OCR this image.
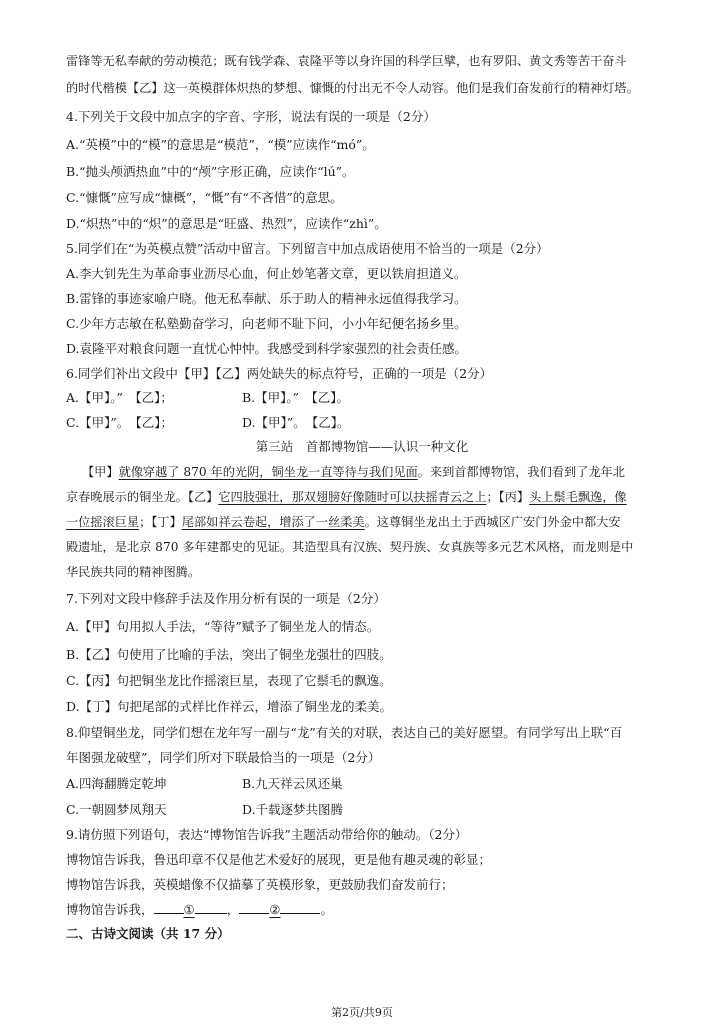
雷锋等无私奉献的劳动模范；既有钱学森、袁隆平等以身许国的科学巨擘，也有罗阳、黄文秀等苦干奋斗
的时代楷模【乙】这一英模群体炽热的梦想、慷慨的付出无不令人动容。他们是我们奋发前行的精神灯塔。
4.下列关于文段中加点字的字音、字形，说法有误的一项是（2分）
A.“英模”中的“模”的意思是“模范”，“模”应读作“mó”。
B.“抛头颅洒热血”中的“颅”字形正确，应读作“lú”。
C.“慷慨”应写成“慷概”，“慨”有“不吝惜”的意思。
D.“炽热”中的“炽”的意思是“旺盛、热烈”，应读作“zhì”。
5.同学们在“为英模点赞”活动中留言。下列留言中加点成语使用不恰当的一项是（2分）
A.李大钊先生为革命事业沥尽心血，何止妙笔著文章，更以铁肩担道义。
B.雷锋的事迹家喻户晓。他无私奉献、乐于助人的精神永远值得我学习。
C.少年方志敏在私塾勤奋学习，向老师不耻下问，小小年纪便名扬乡里。
D.袁隆平对粮食问题一直忧心忡忡。我感受到科学家强烈的社会责任感。
6.同学们补出文段中【甲】【乙】两处缺失的标点符号，正确的一项是（2分）
A.【甲】。”　【乙】；	B.【甲】。”　【乙】。
C.【甲】”。　【乙】；	D.【甲】”。　【乙】。
第三站　首都博物馆——认识一种文化
【甲】就像穿越了 870 年的光阴，铜坐龙一直等待与我们见面。来到首都博物馆，我们看到了龙年北
京春晚展示的铜坐龙。【乙】它四肢强壮，那双翅膀好像随时可以扶摇青云之上；【丙】头上鬃毛飘逸，像
一位摇滚巨星；【丁】尾部如祥云卷起，增添了一丝柔美。这尊铜坐龙出土于西城区广安门外金中都大安
殿遗址，是北京 870 多年建都史的见证。其造型具有汉族、契丹族、女真族等多元艺术风格，而龙则是中
华民族共同的精神图腾。
7.下列对文段中修辞手法及作用分析有误的一项是（2分）
A.【甲】句用拟人手法，“等待”赋予了铜坐龙人的情态。
B.【乙】句使用了比喻的手法，突出了铜坐龙强壮的四肢。
C.【丙】句把铜坐龙比作摇滚巨星，表现了它鬃毛的飘逸。
D.【丁】句把尾部的式样比作祥云，增添了铜坐龙的柔美。
8.仰望铜坐龙，同学们想在龙年写一副与“龙”有关的对联，表达自己的美好愿望。有同学写出上联“百
年图强龙破壁”，同学们所对下联最恰当的一项是（2分）
A.四海翻腾定乾坤	B.九天祥云凤还巢
C.一朝圆梦凤翔天	D.千载逐梦共图腾
9.请仿照下列语句，表达“博物馆告诉我”主题活动带给你的触动。（2分）
博物馆告诉我，鲁迅印章不仅是他艺术爱好的展现，更是他有趣灵魂的彰显；
博物馆告诉我，英模蜡像不仅描摹了英模形象，更鼓励我们奋发前行；
博物馆告诉我， ①	， ②	。
二、古诗文阅读（共 17 分）
第2页/共9页
